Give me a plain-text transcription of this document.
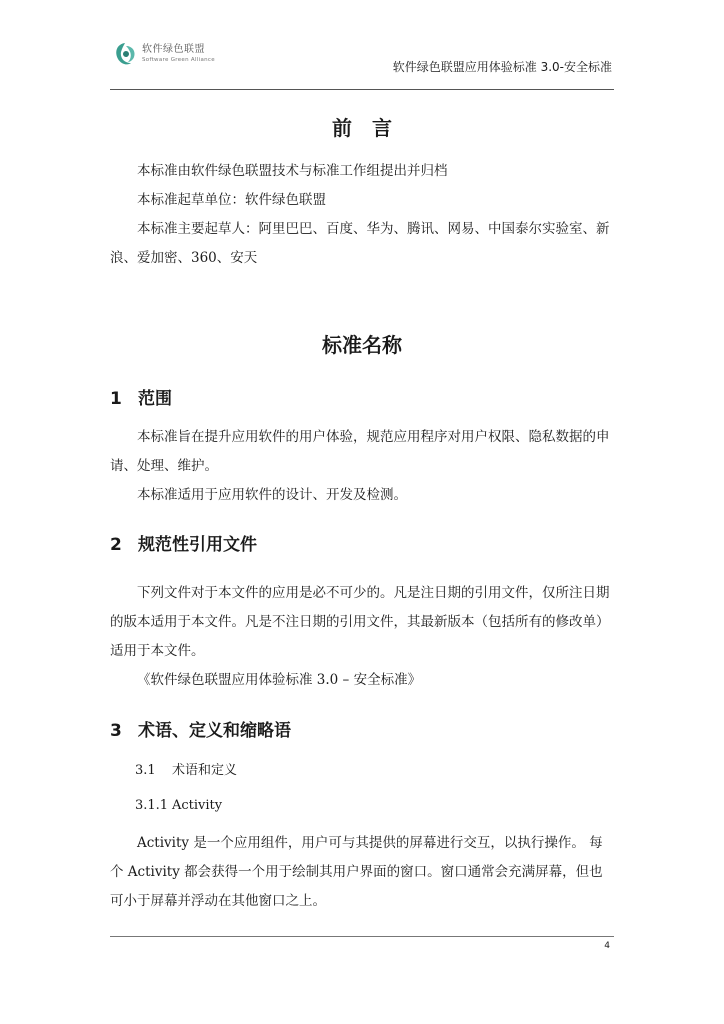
软件绿色联盟
Software Green Alliance
软件绿色联盟应用体验标准 3.0-安全标准
前言

本标准由软件绿色联盟技术与标准工作组提出并归档

本标准起草单位：软件绿色联盟

本标准主要起草人：阿里巴巴、百度、华为、腾讯、网易、中国泰尔实验室、新浪、爱加密、360、安天

标准名称
1 范围

本标准旨在提升应用软件的用户体验，规范应用程序对用户权限、隐私数据的申请、处理、维护。

本标准适用于应用软件的设计、开发及检测。

2 规范性引用文件

下列文件对于本文件的应用是必不可少的。凡是注日期的引用文件，仅所注日期的版本适用于本文件。凡是不注日期的引用文件，其最新版本（包括所有的修改单）适用于本文件。

《软件绿色联盟应用体验标准 3.0 – 安全标准》

3 术语、定义和缩略语
3.1 术语和定义
3.1.1 Activity

Activity 是一个应用组件，用户可与其提供的屏幕进行交互，以执行操作。 每个 Activity 都会获得一个用于绘制其用户界面的窗口。窗口通常会充满屏幕，但也可小于屏幕并浮动在其他窗口之上。

4
